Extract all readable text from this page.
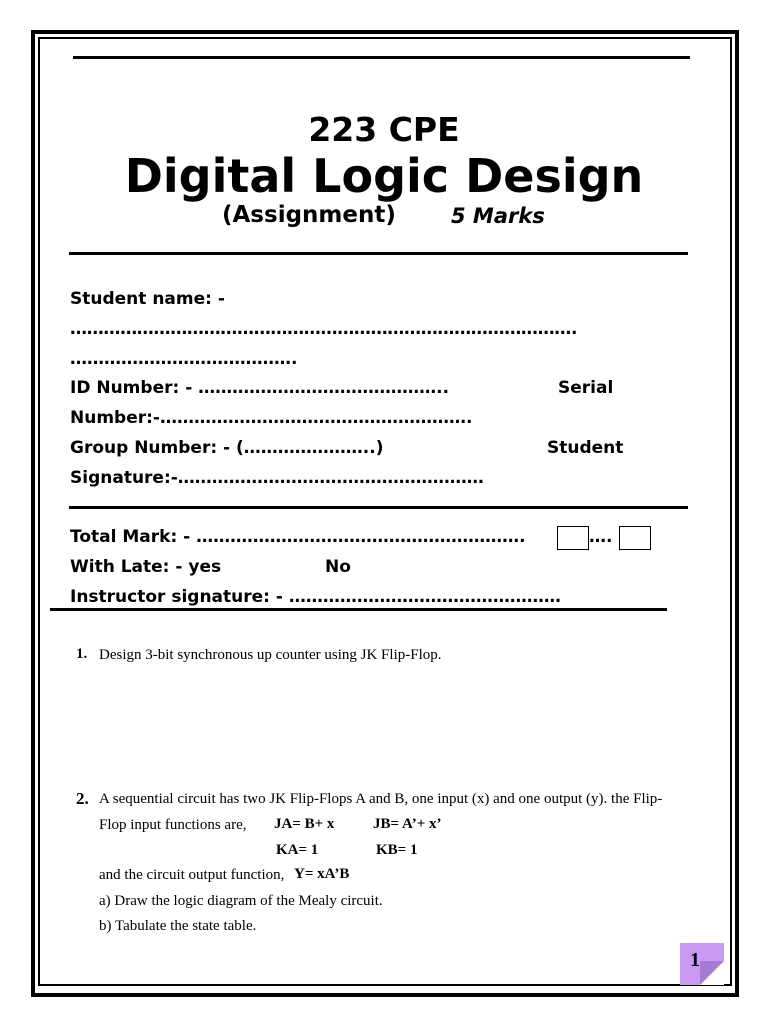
223 CPE
Digital Logic Design
(Assignment)	5 Marks
Student name: -
……………………………………………………………………………….
………………………………….
ID Number: - ……………………………………..	Serial
Number:-……………………………………………….
Group Number: - (…………………..)	Student
Signature:-………………………………………………
Total Mark: - ………………………………………………….	….
With Late: - yes	No
Instructor signature: - …………………………………………
1. Design 3-bit synchronous up counter using JK Flip-Flop.
2. A sequential circuit has two JK Flip-Flops A and B, one input (x) and one output (y). the Flip-
Flop input functions are, JA= B+ x	JB= A’+ x’
KA= 1	KB= 1
and the circuit output function, Y= xA’B
a) Draw the logic diagram of the Mealy circuit.
b) Tabulate the state table.
1
